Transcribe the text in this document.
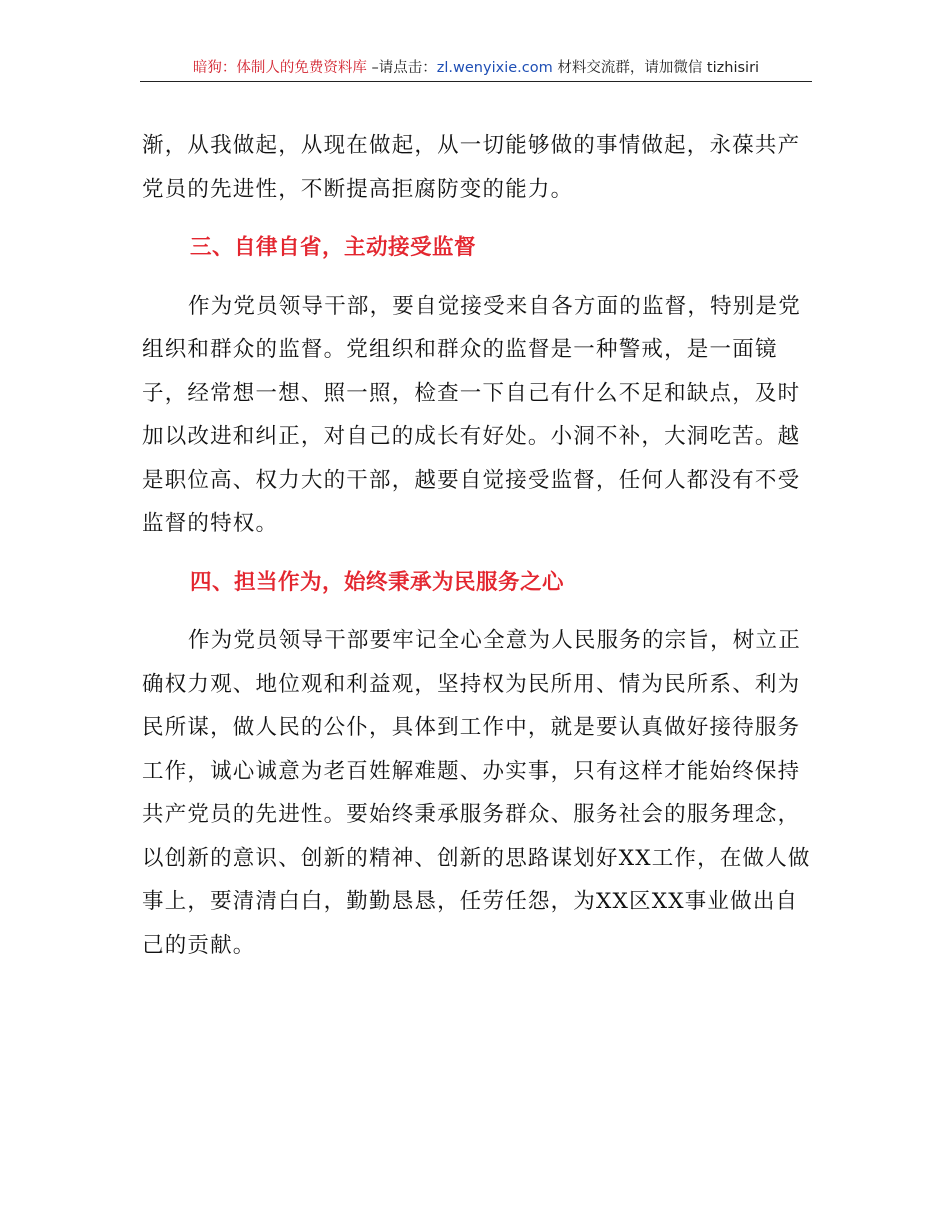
暗狗：体制人的免费资料库 –请点击：zl.wenyixie.com 材料交流群，请加微信 tizhisiri

渐，从我做起，从现在做起，从一切能够做的事情做起，永葆共产党员的先进性，不断提高拒腐防变的能力。

三、自律自省，主动接受监督

作为党员领导干部，要自觉接受来自各方面的监督，特别是党组织和群众的监督。党组织和群众的监督是一种警戒，是一面镜子，经常想一想、照一照，检查一下自己有什么不足和缺点，及时加以改进和纠正，对自己的成长有好处。小洞不补，大洞吃苦。越是职位高、权力大的干部，越要自觉接受监督，任何人都没有不受监督的特权。

四、担当作为，始终秉承为民服务之心

作为党员领导干部要牢记全心全意为人民服务的宗旨，树立正确权力观、地位观和利益观，坚持权为民所用、情为民所系、利为民所谋，做人民的公仆，具体到工作中，就是要认真做好接待服务工作，诚心诚意为老百姓解难题、办实事，只有这样才能始终保持共产党员的先进性。要始终秉承服务群众、服务社会的服务理念，以创新的意识、创新的精神、创新的思路谋划好XX工作，在做人做事上，要清清白白，勤勤恳恳，任劳任怨，为XX区XX事业做出自己的贡献。
